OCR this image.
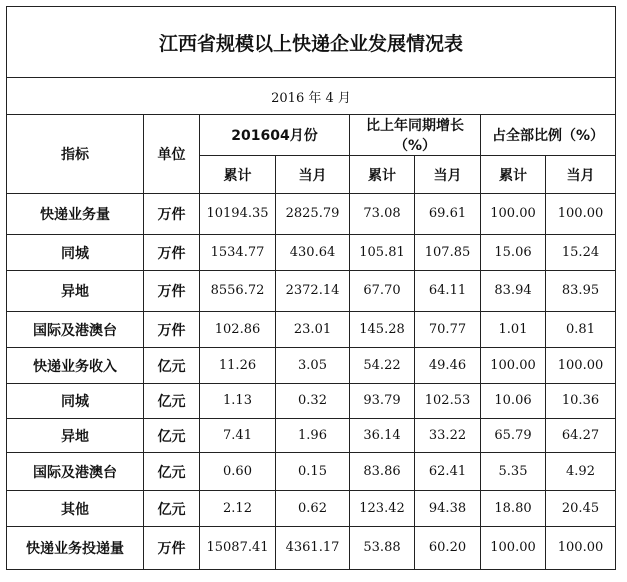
江西省规模以上快递企业发展情况表							
2016 年 4 月							
指标	单位	201604月份		比上年同期增长（%）		占全部比例（%）	
		累计	当月	累计	当月	累计	当月
快递业务量	万件	10194.35	2825.79	73.08	69.61	100.00	100.00
同城	万件	1534.77	430.64	105.81	107.85	15.06	15.24
异地	万件	8556.72	2372.14	67.70	64.11	83.94	83.95
国际及港澳台	万件	102.86	23.01	145.28	70.77	1.01	0.81
快递业务收入	亿元	11.26	3.05	54.22	49.46	100.00	100.00
同城	亿元	1.13	0.32	93.79	102.53	10.06	10.36
异地	亿元	7.41	1.96	36.14	33.22	65.79	64.27
国际及港澳台	亿元	0.60	0.15	83.86	62.41	5.35	4.92
其他	亿元	2.12	0.62	123.42	94.38	18.80	20.45
快递业务投递量	万件	15087.41	4361.17	53.88	60.20	100.00	100.00
